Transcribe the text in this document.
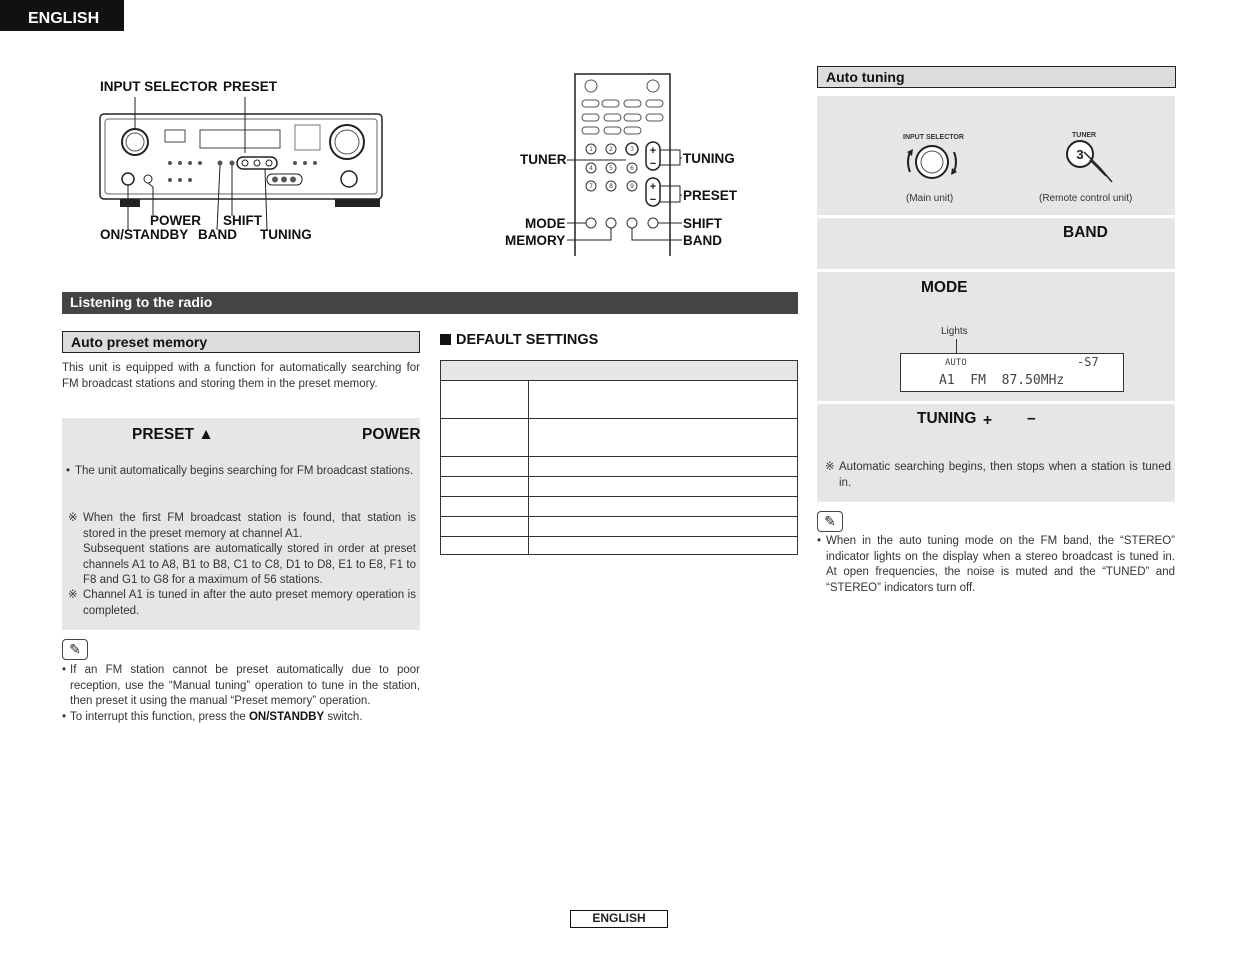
ENGLISH
INPUT SELECTOR PRESET
POWER SHIFT
ON/STANDBY BAND TUNING
1	2	3
4	5	6
7	8	9
+
−
+
−
TUNER	TUNING
PRESET
MODE	SHIFT
MEMORY	BAND
Listening to the radio
Auto preset memory
This unit is equipped with a function for automatically searching for FM broadcast stations and storing them in the preset memory.
PRESET ▲	POWER
• The unit automatically begins searching for FM broadcast stations.
※ When the first FM broadcast station is found, that station is stored in the preset memory at channel A1.
Subsequent stations are automatically stored in order at preset channels A1 to A8, B1 to B8, C1 to C8, D1 to D8, E1 to E8, F1 to F8 and G1 to G8 for a maximum of 56 stations.
※ Channel A1 is tuned in after the auto preset memory operation is completed.
✎
• If an FM station cannot be preset automatically due to poor reception, use the “Manual tuning” operation to tune in the station, then preset it using the manual “Preset memory” operation.
• To interrupt this function, press the ON/STANDBY switch.
DEFAULT SETTINGS

Auto tuning
INPUT SELECTOR	TUNER
3
(Main unit)	(Remote control unit)
BAND
MODE
Lights
AUTO	-S7
A1  FM  87.50MHz
TUNING + –
※ Automatic searching begins, then stops when a station is tuned in.
✎
• When in the auto tuning mode on the FM band, the “STEREO” indicator lights on the display when a stereo broadcast is tuned in. At open frequencies, the noise is muted and the “TUNED” and “STEREO” indicators turn off.
ENGLISH
